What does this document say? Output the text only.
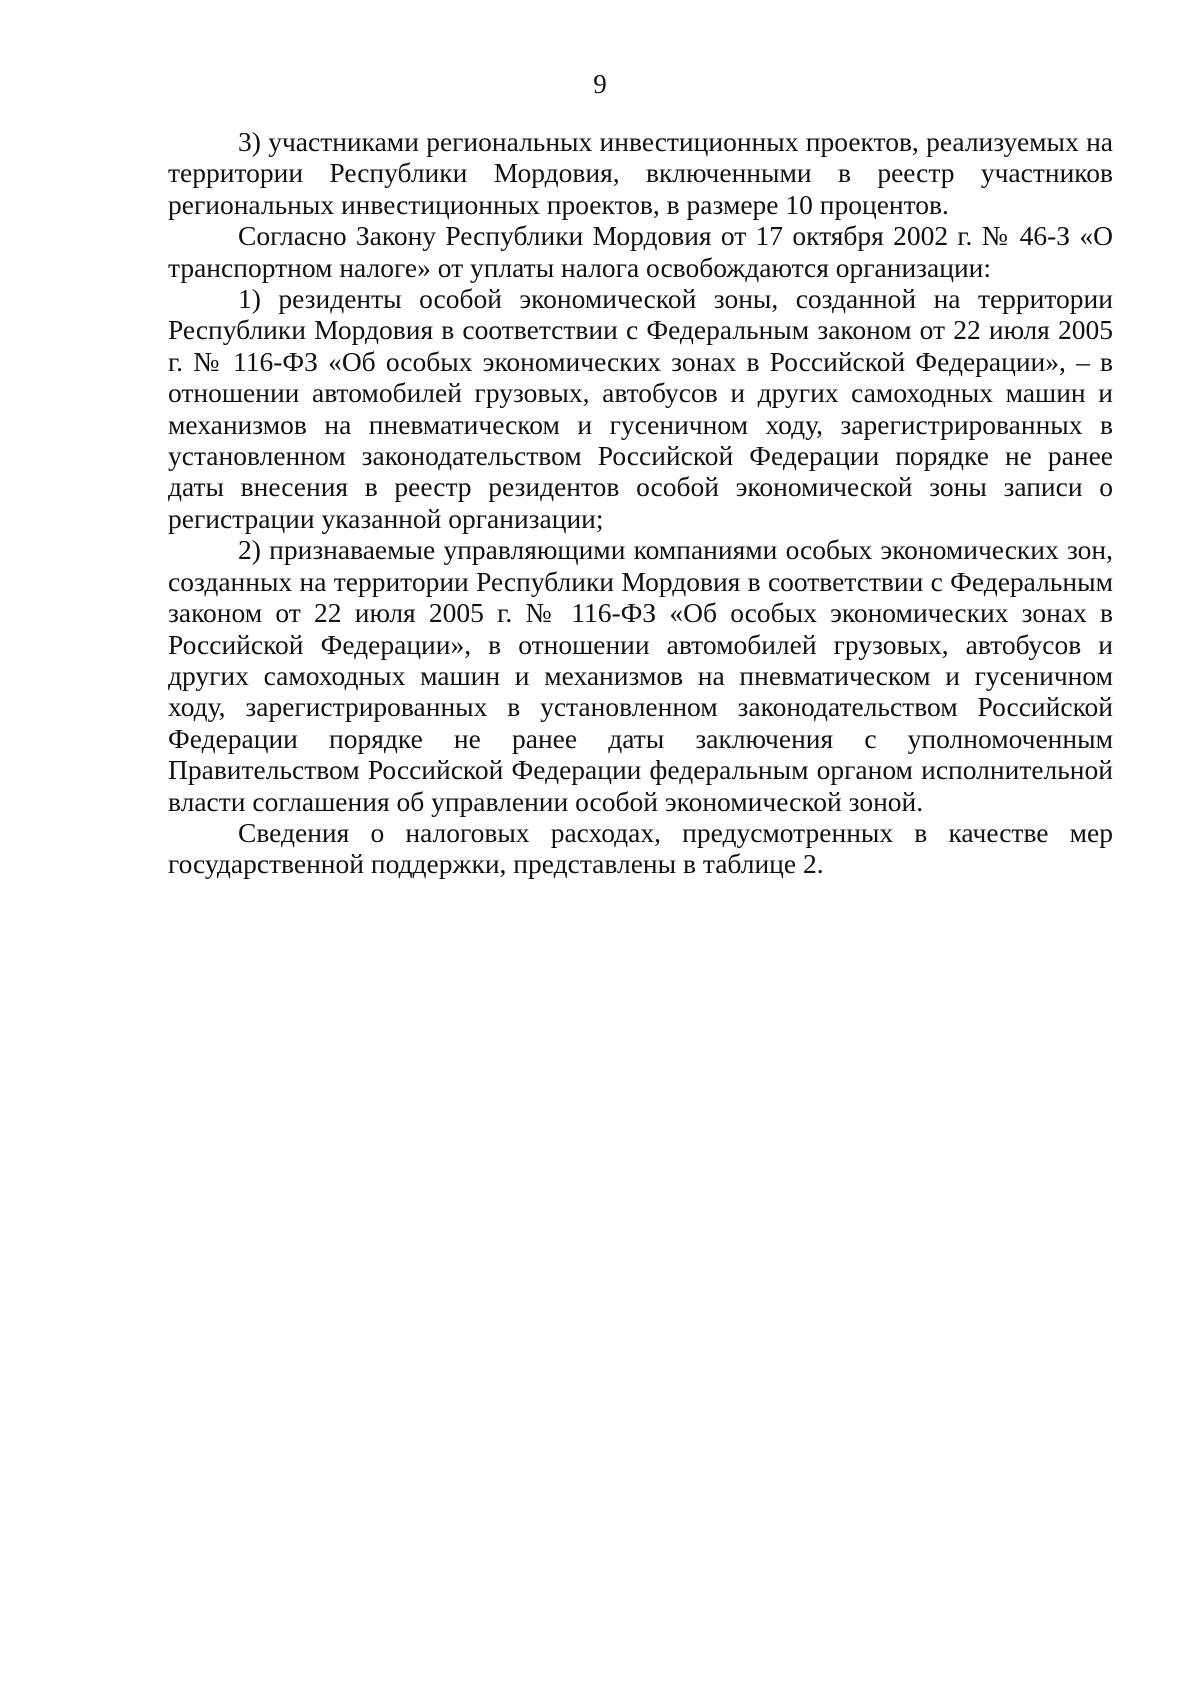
9

3) участниками региональных инвестиционных проектов, реализуемых на территории Республики Мордовия, включенными в реестр участников региональных инвестиционных проектов, в размере 10 процентов.

Согласно Закону Республики Мордовия от 17 октября 2002 г. № 46-З «О транспортном налоге» от уплаты налога освобождаются организации:

1) резиденты особой экономической зоны, созданной на территории Республики Мордовия в соответствии с Федеральным законом от 22 июля 2005 г. № 116-ФЗ «Об особых экономических зонах в Российской Федерации», – в отношении автомобилей грузовых, автобусов и других самоходных машин и механизмов на пневматическом и гусеничном ходу, зарегистрированных в установленном законодательством Российской Федерации порядке не ранее даты внесения в реестр резидентов особой экономической зоны записи о регистрации указанной организации;

2) признаваемые управляющими компаниями особых экономических зон, созданных на территории Республики Мордовия в соответствии с Федеральным законом от 22 июля 2005 г. № 116-ФЗ «Об особых экономических зонах в Российской Федерации», в отношении автомобилей грузовых, автобусов и других самоходных машин и механизмов на пневматическом и гусеничном ходу, зарегистрированных в установленном законодательством Российской Федерации порядке не ранее даты заключения с уполномоченным Правительством Российской Федерации федеральным органом исполнительной власти соглашения об управлении особой экономической зоной.

Сведения о налоговых расходах, предусмотренных в качестве мер государственной поддержки, представлены в таблице 2.
